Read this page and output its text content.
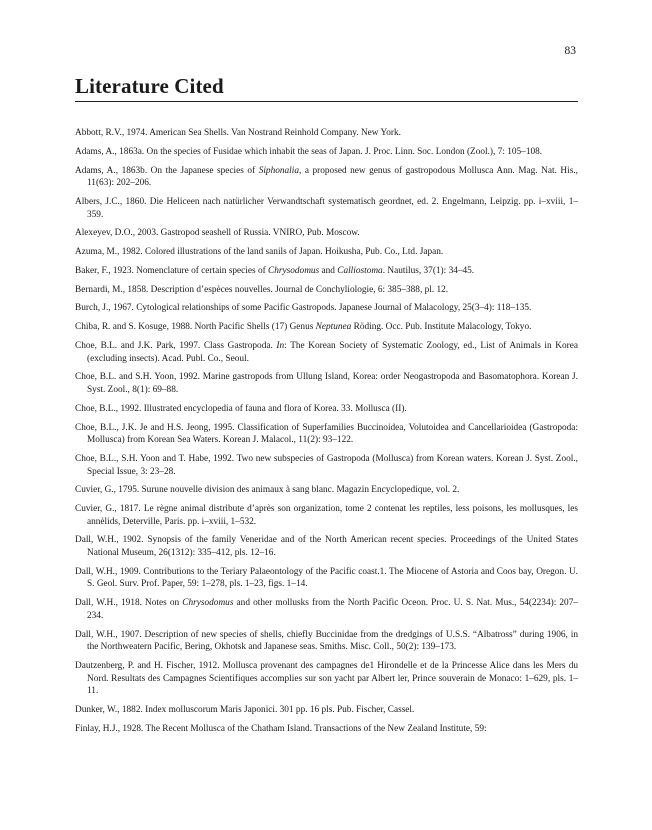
83
Literature Cited
Abbott, R.V., 1974. American Sea Shells. Van Nostrand Reinhold Company. New York.
Adams, A., 1863a. On the species of Fusidae which inhabit the seas of Japan. J. Proc. Linn. Soc. London (Zool.), 7: 105–108.
Adams, A., 1863b. On the Japanese species of Siphonalia, a proposed new genus of gastropodous Mollusca Ann. Mag. Nat. His., 11(63): 202–206.
Albers, J.C., 1860. Die Heliceen nach natürlicher Verwandtschaft systematisch geordnet, ed. 2. Engelmann, Leipzig. pp. i–xviii, 1–359.
Alexeyev, D.O., 2003. Gastropod seashell of Russia. VNIRO, Pub. Moscow.
Azuma, M., 1982. Colored illustrations of the land sanils of Japan. Hoikusha, Pub. Co., Ltd. Japan.
Baker, F., 1923. Nomenclature of certain species of Chrysodomus and Calliostoma. Nautilus, 37(1): 34–45.
Bernardi, M., 1858. Description d’espèces nouvelles. Journal de Conchyliologie, 6: 385–388, pl. 12.
Burch, J., 1967. Cytological relationships of some Pacific Gastropods. Japanese Journal of Malacology, 25(3–4): 118–135.
Chiba, R. and S. Kosuge, 1988. North Pacific Shells (17) Genus Neptunea Röding. Occ. Pub. Institute Malacology, Tokyo.
Choe, B.L. and J.K. Park, 1997. Class Gastropoda. In: The Korean Society of Systematic Zoology, ed., List of Animals in Korea (excluding insects). Acad. Publ. Co., Seoul.
Choe, B.L. and S.H. Yoon, 1992. Marine gastropods from Ullung Island, Korea: order Neogastropoda and Basomatophora. Korean J. Syst. Zool., 8(1): 69–88.
Choe, B.L., 1992. Illustrated encyclopedia of fauna and flora of Korea. 33. Mollusca (II).
Choe, B.L., J.K. Je and H.S. Jeong, 1995. Classification of Superfamilies Buccinoidea, Volutoidea and Cancellarioidea (Gastropoda: Mollusca) from Korean Sea Waters. Korean J. Malacol., 11(2): 93–122.
Choe, B.L., S.H. Yoon and T. Habe, 1992. Two new subspecies of Gastropoda (Mollusca) from Korean waters. Korean J. Syst. Zool., Special Issue, 3: 23–28.
Cuvier, G., 1795. Surune nouvelle division des animaux à sang blanc. Magazin Encyclopedique, vol. 2.
Cuvier, G., 1817. Le règne animal distribute d’après son organization, tome 2 contenat les reptiles, less poisons, les mollusques, les annèlids, Deterville, Paris. pp. i–xviii, 1–532.
Dall, W.H., 1902. Synopsis of the family Veneridae and of the North American recent species. Proceedings of the United States National Museum, 26(1312): 335–412, pls. 12–16.
Dall, W.H., 1909. Contributions to the Teriary Palaeontology of the Pacific coast.1. The Miocene of Astoria and Coos bay, Oregon. U. S. Geol. Surv. Prof. Paper, 59: 1–278, pls. 1–23, figs. 1–14.
Dall, W.H., 1918. Notes on Chrysodomus and other mollusks from the North Pacific Oceon. Proc. U. S. Nat. Mus., 54(2234): 207–234.
Dall, W.H., 1907. Description of new species of shells, chiefly Buccinidae from the dredgings of U.S.S. “Albatross” during 1906, in the Northweatern Pacific, Bering, Okhotsk and Japanese seas. Smiths. Misc. Coll., 50(2): 139–173.
Dautzenberg, P. and H. Fischer, 1912. Mollusca provenant des campagnes de1 Hirondelle et de la Princesse Alice dans les Mers du Nord. Resultats des Campagnes Scientifiques accomplies sur son yacht par Albert ler, Prince souverain de Monaco: 1–629, pls. 1–11.
Dunker, W., 1882. Index molluscorum Maris Japonici. 301 pp. 16 pls. Pub. Fischer, Cassel.
Finlay, H.J., 1928. The Recent Mollusca of the Chatham Island. Transactions of the New Zealand Institute, 59:
